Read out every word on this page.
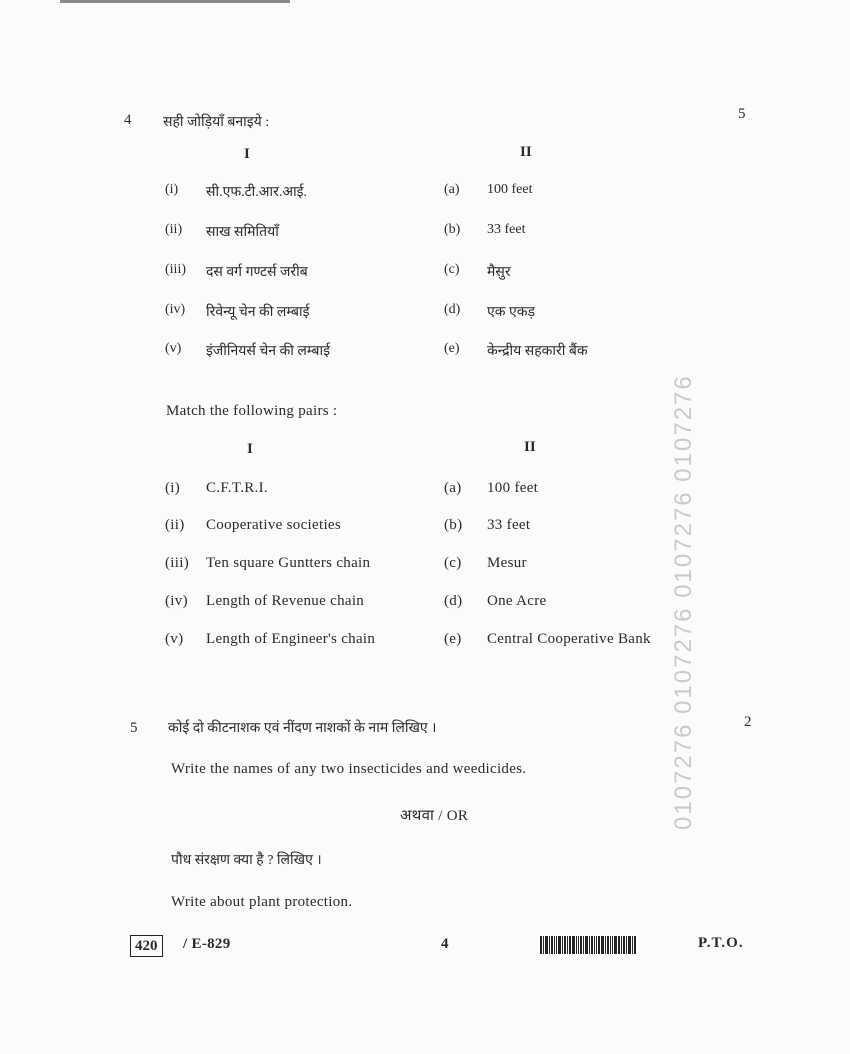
0107276 0107276 0107276 0107276
4 सही जोड़ियाँ बनाइये :
5
I	II
(i) सी.एफ.टी.आर.आई.	(a) 100 feet
(ii) साख समितियाँ	(b) 33 feet
(iii) दस वर्ग गण्टर्स जरीब	(c) मैसुर
(iv) रिवेन्यू चेन की लम्बाई	(d) एक एकड़
(v) इंजीनियर्स चेन की लम्बाई	(e) केन्द्रीय सहकारी बैंक
Match the following pairs :
I	II
(i) C.F.T.R.I.	(a) 100 feet
(ii) Cooperative societies	(b) 33 feet
(iii) Ten square Guntters chain	(c) Mesur
(iv) Length of Revenue chain	(d) One Acre
(v) Length of Engineer's chain	(e) Central Cooperative Bank
5 कोई दो कीटनाशक एवं नींदण नाशकों के नाम लिखिए ।	2
Write the names of any two insecticides and weedicides.
अथवा / OR
पौध संरक्षण क्या है ? लिखिए ।
Write about plant protection.
420	/ E-829	4	P.T.O.
